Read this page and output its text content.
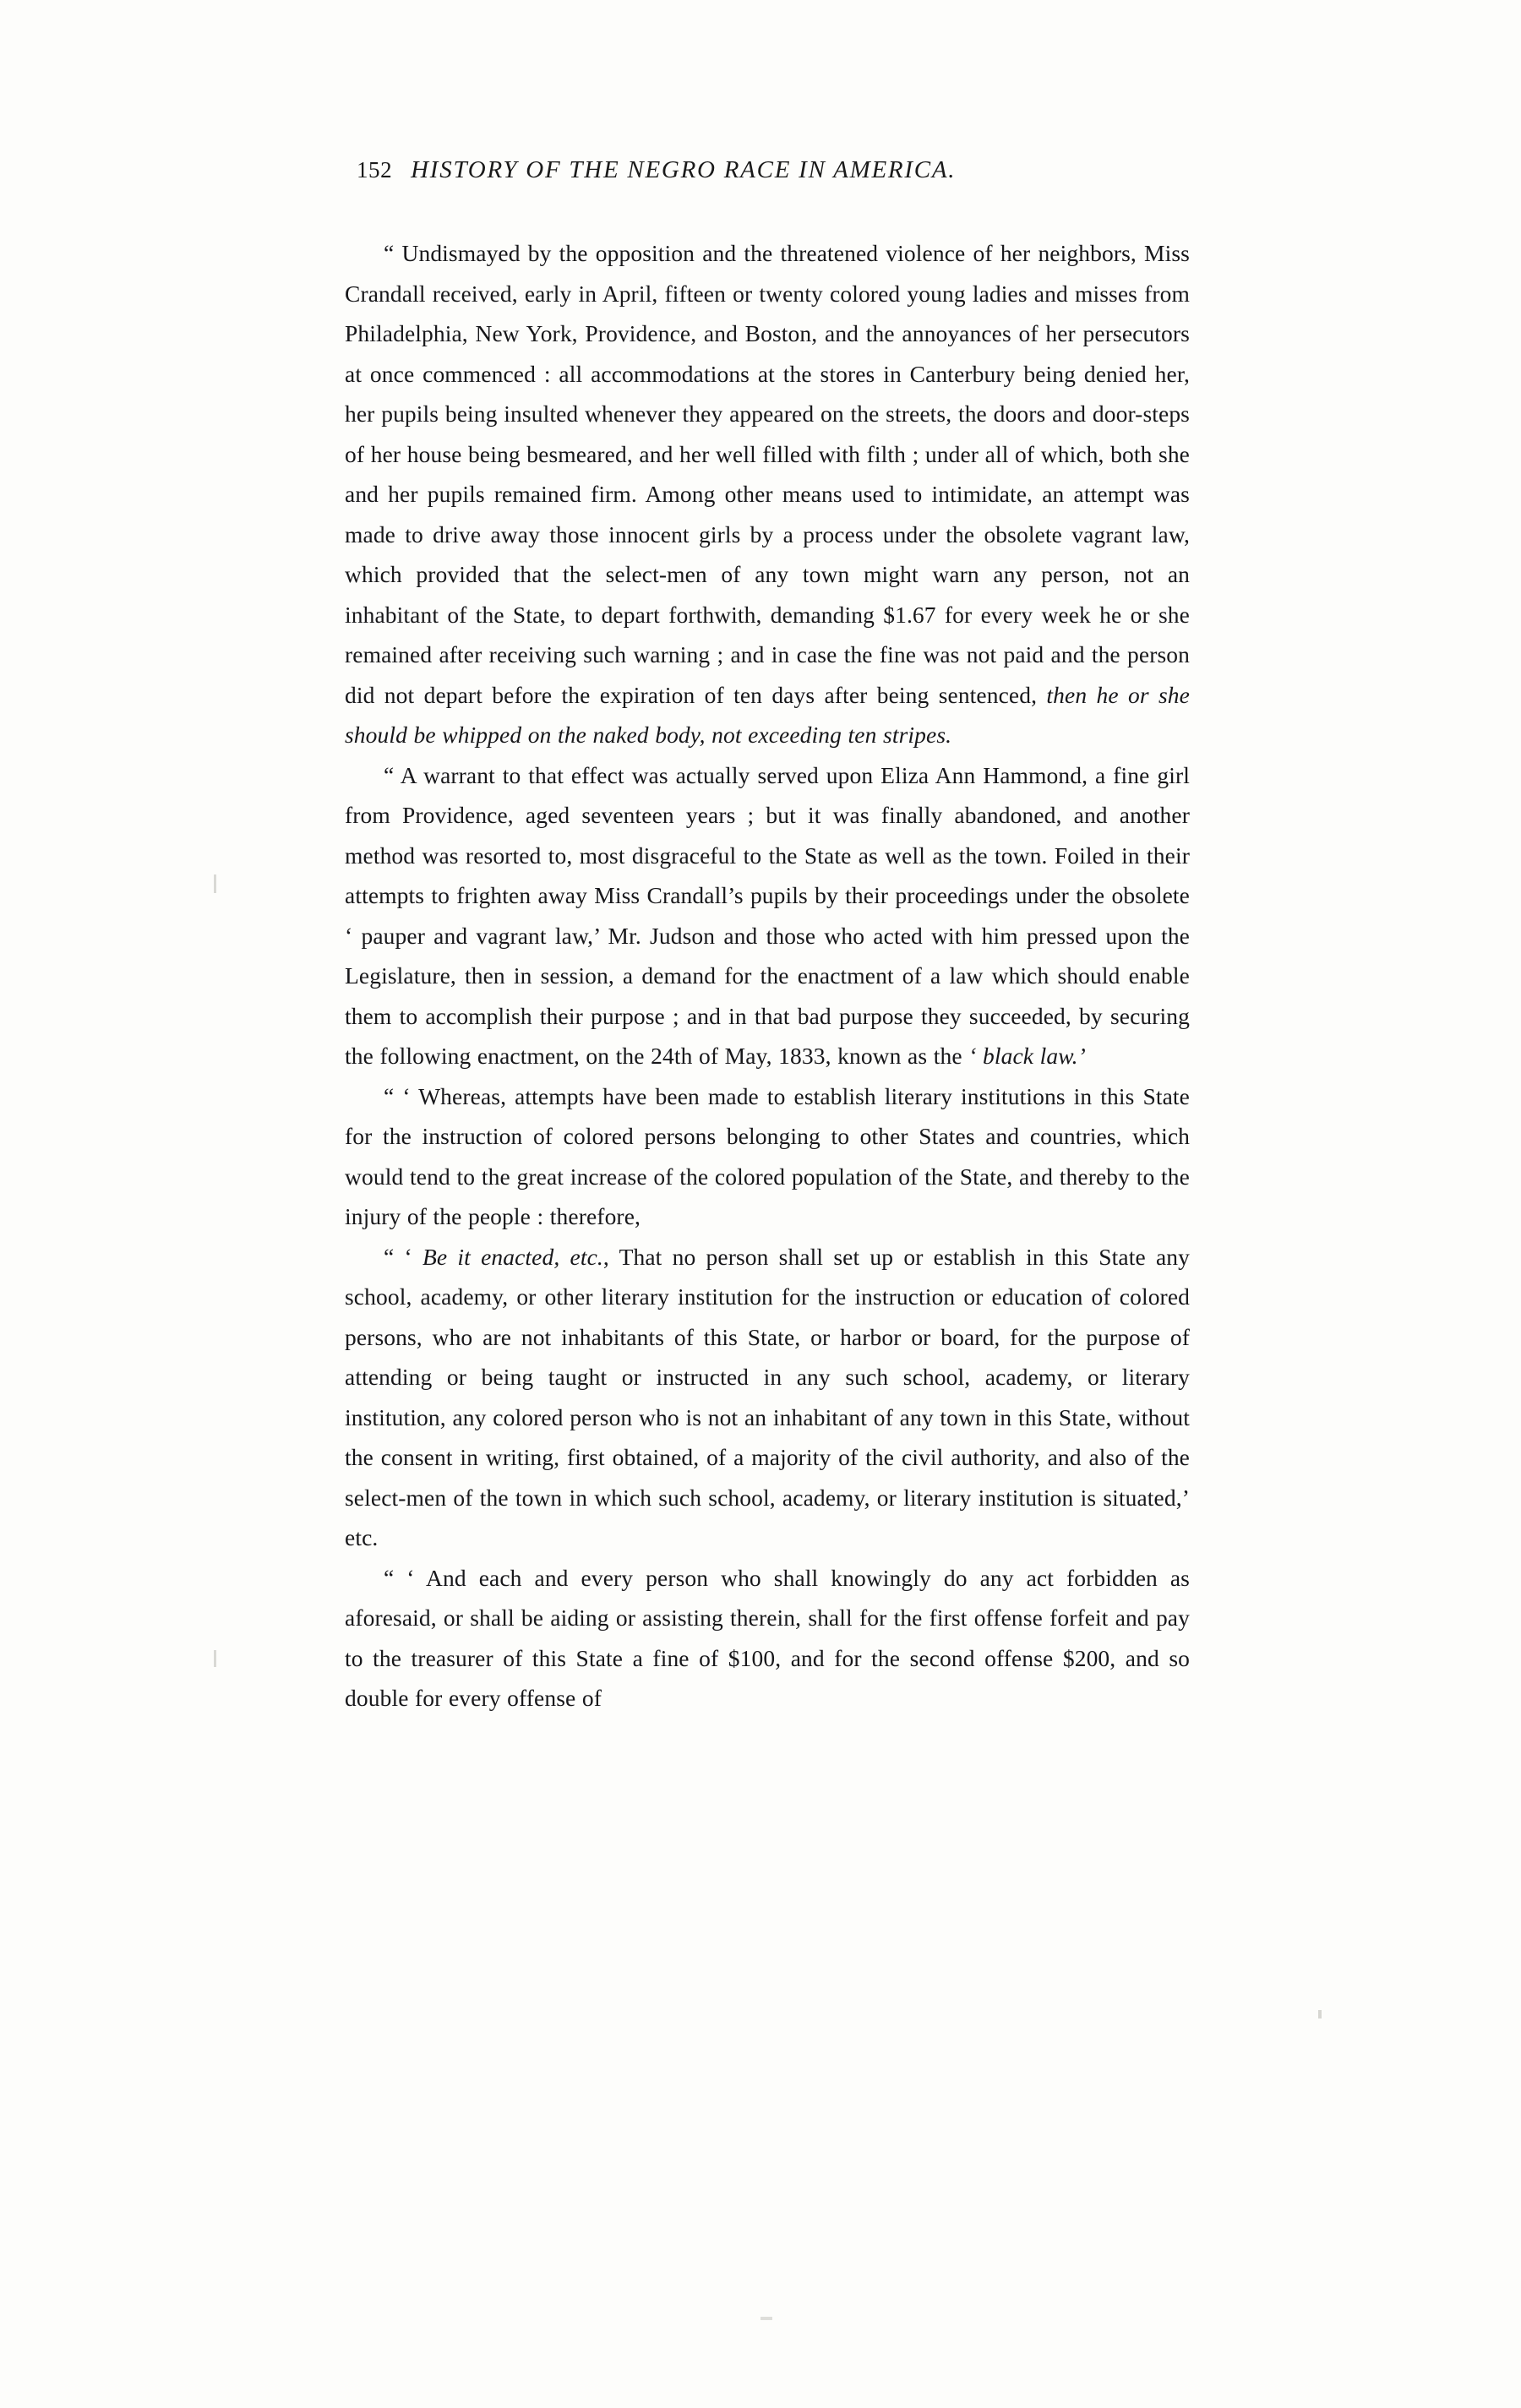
152 HISTORY OF THE NEGRO RACE IN AMERICA.

“ Undismayed by the opposition and the threatened violence of her neighbors, Miss Crandall received, early in April, fifteen or twenty colored young ladies and misses from Philadelphia, New York, Providence, and Boston, and the annoyances of her persecutors at once commenced : all accommodations at the stores in Canterbury being denied her, her pupils being insulted whenever they appeared on the streets, the doors and door-steps of her house being besmeared, and her well filled with filth ; under all of which, both she and her pupils remained firm. Among other means used to intimidate, an attempt was made to drive away those innocent girls by a process under the obsolete vagrant law, which provided that the select-men of any town might warn any person, not an inhabitant of the State, to depart forthwith, demanding $1.67 for every week he or she remained after receiving such warning ; and in case the fine was not paid and the person did not depart before the expiration of ten days after being sentenced, then he or she should be whipped on the naked body, not exceeding ten stripes.

“ A warrant to that effect was actually served upon Eliza Ann Hammond, a fine girl from Providence, aged seventeen years ; but it was finally abandoned, and another method was resorted to, most disgraceful to the State as well as the town. Foiled in their attempts to frighten away Miss Crandall’s pupils by their proceedings under the obsolete ‘ pauper and vagrant law,’ Mr. Judson and those who acted with him pressed upon the Legislature, then in session, a demand for the enactment of a law which should enable them to accomplish their purpose ; and in that bad purpose they succeeded, by securing the following enactment, on the 24th of May, 1833, known as the ‘ black law.’

“ ‘ Whereas, attempts have been made to establish literary institutions in this State for the instruction of colored persons belonging to other States and countries, which would tend to the great increase of the colored population of the State, and thereby to the injury of the people : therefore,

“ ‘ Be it enacted, etc., That no person shall set up or establish in this State any school, academy, or other literary institution for the instruction or education of colored persons, who are not inhabitants of this State, or harbor or board, for the purpose of attending or being taught or instructed in any such school, academy, or literary institution, any colored person who is not an inhabitant of any town in this State, without the consent in writing, first obtained, of a majority of the civil authority, and also of the select-men of the town in which such school, academy, or literary institution is situated,’ etc.

“ ‘ And each and every person who shall knowingly do any act forbidden as aforesaid, or shall be aiding or assisting therein, shall for the first offense forfeit and pay to the treasurer of this State a fine of $100, and for the second offense $200, and so double for every offense of
